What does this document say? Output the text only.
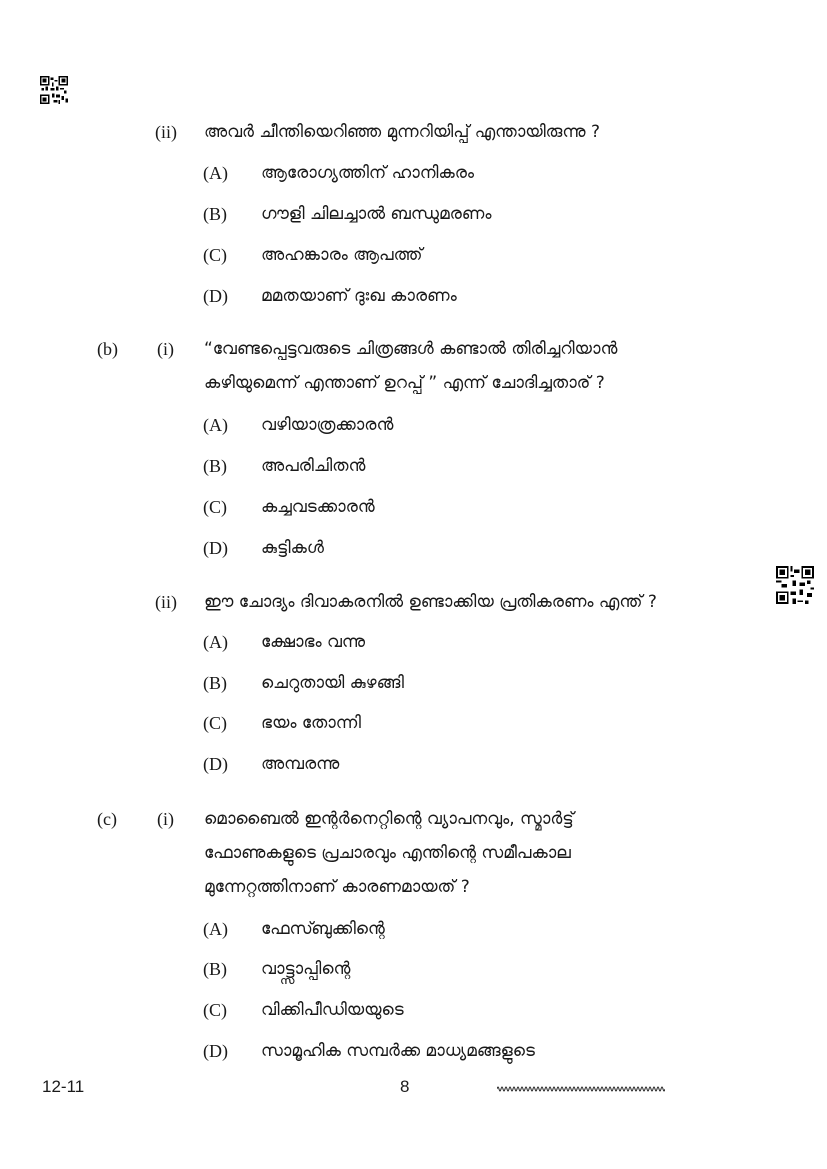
(ii) അവർ ചീന്തിയെറിഞ്ഞ മുന്നറിയിപ്പ് എന്തായിരുന്നു ?
(A) ആരോഗ്യത്തിന് ഹാനികരം
(B) ഗൗളി ചിലച്ചാൽ ബന്ധുമരണം
(C) അഹങ്കാരം ആപത്ത്
(D) മമതയാണ് ദുഃഖ കാരണം
(b) (i) “വേണ്ടപ്പെട്ടവരുടെ ചിത്രങ്ങൾ കണ്ടാൽ തിരിച്ചറിയാൻ
കഴിയുമെന്ന് എന്താണ് ഉറപ്പ് ” എന്ന് ചോദിച്ചതാര് ?
(A) വഴിയാത്രക്കാരൻ
(B) അപരിചിതൻ
(C) കച്ചവടക്കാരൻ
(D) കുട്ടികൾ
(ii) ഈ ചോദ്യം ദിവാകരനിൽ ഉണ്ടാക്കിയ പ്രതികരണം എന്ത് ?
(A) ക്ഷോഭം വന്നു
(B) ചെറുതായി കുഴങ്ങി
(C) ഭയം തോന്നി
(D) അമ്പരന്നു
(c) (i) മൊബൈൽ ഇന്റർനെറ്റിന്റെ വ്യാപനവും, സ്മാർട്ട്
ഫോണുകളുടെ പ്രചാരവും എന്തിന്റെ സമീപകാല
മുന്നേറ്റത്തിനാണ് കാരണമായത് ?
(A) ഫേസ്ബുക്കിന്റെ
(B) വാട്ട്സാപ്പിന്റെ
(C) വിക്കിപീഡിയയുടെ
(D) സാമൂഹിക സമ്പർക്ക മാധ്യമങ്ങളുടെ
12-11	8
